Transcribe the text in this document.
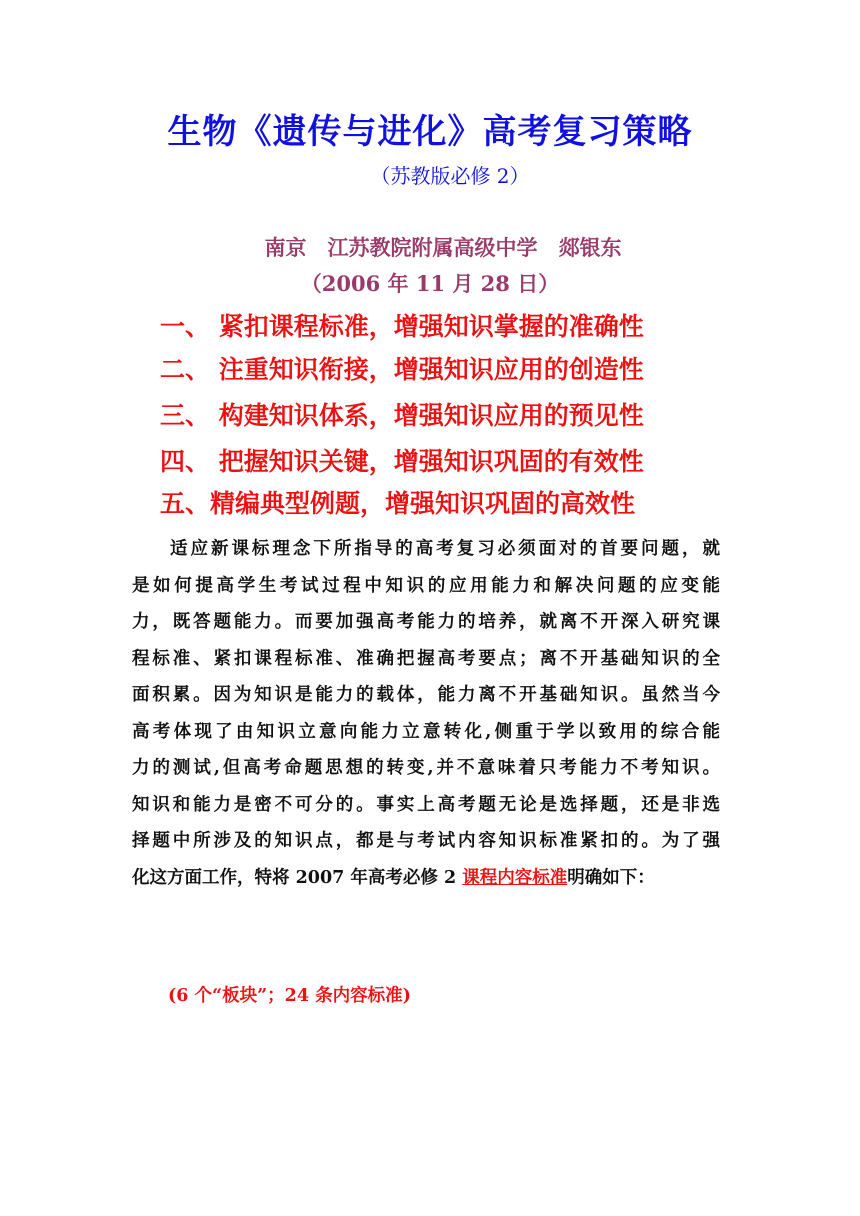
生物《遗传与进化》高考复习策略
（苏教版必修 2）
南京　江苏教院附属高级中学　郯银东
（2006 年 11 月 28 日）
一、 紧扣课程标准，增强知识掌握的准确性
二、 注重知识衔接，增强知识应用的创造性
三、 构建知识体系，增强知识应用的预见性
四、 把握知识关键，增强知识巩固的有效性
五、精编典型例题，增强知识巩固的高效性
适应新课标理念下所指导的高考复习必须面对的首要问题，就
是如何提高学生考试过程中知识的应用能力和解决问题的应变能
力，既答题能力。而要加强高考能力的培养，就离不开深入研究课
程标准、紧扣课程标准、准确把握高考要点；离不开基础知识的全
面积累。因为知识是能力的载体，能力离不开基础知识。虽然当今
高考体现了由知识立意向能力立意转化,侧重于学以致用的综合能
力的测试,但高考命题思想的转变,并不意味着只考能力不考知识。
知识和能力是密不可分的。事实上高考题无论是选择题，还是非选
择题中所涉及的知识点，都是与考试内容知识标准紧扣的。为了强
化这方面工作，特将 2007 年高考必修 2 课程内容标准明确如下：
(6 个“板块”；24 条内容标准)
